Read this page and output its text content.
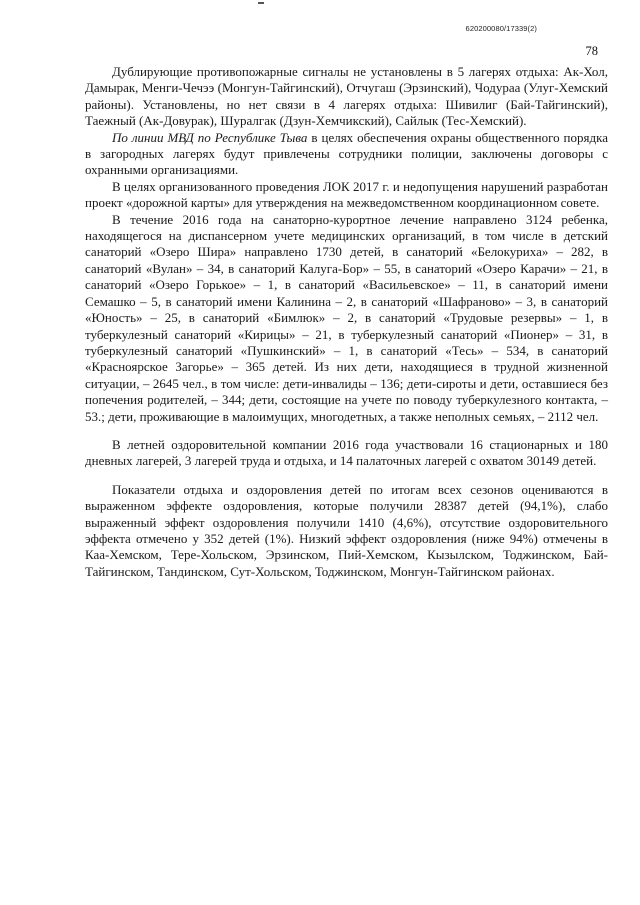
620200080/17339(2)
78

Дублирующие противопожарные сигналы не установлены в 5 лагерях отдыха: Ак-Хол, Дамырак, Менги-Чечээ (Монгун-Тайгинский), Отчугаш (Эрзинский), Чодураа (Улуг-Хемский районы). Установлены, но нет связи в 4 лагерях отдыха: Шивилиг (Бай-Тайгинский), Таежный (Ак-Довурак), Шуралгак (Дзун-Хемчикский), Сайлык (Тес-Хемский).

По линии МВД по Республике Тыва в целях обеспечения охраны общественного порядка в загородных лагерях будут привлечены сотрудники полиции, заключены договоры с охранными организациями.

В целях организованного проведения ЛОК 2017 г. и недопущения нарушений разработан проект «дорожной карты» для утверждения на межведомственном координационном совете.

В течение 2016 года на санаторно-курортное лечение направлено 3124 ребенка, находящегося на диспансерном учете медицинских организаций, в том числе в детский санаторий «Озеро Шира» направлено 1730 детей, в санаторий «Белокуриха» – 282, в санаторий «Вулан» – 34, в санаторий Калуга-Бор» – 55, в санаторий «Озеро Карачи» – 21, в санаторий «Озеро Горькое» – 1, в санаторий «Васильевское» – 11, в санаторий имени Семашко – 5, в санаторий имени Калинина – 2, в санаторий «Шафраново» – 3, в санаторий «Юность» – 25, в санаторий «Бимлюк» – 2, в санаторий «Трудовые резервы» – 1, в туберкулезный санаторий «Кирицы» – 21, в туберкулезный санаторий «Пионер» – 31, в туберкулезный санаторий «Пушкинский» – 1, в санаторий «Тесь» – 534, в санаторий «Красноярское Загорье» – 365 детей. Из них дети, находящиеся в трудной жизненной ситуации, – 2645 чел., в том числе: дети-инвалиды – 136; дети-сироты и дети, оставшиеся без попечения родителей, – 344; дети, состоящие на учете по поводу туберкулезного контакта, – 53.; дети, проживающие в малоимущих, многодетных, а также неполных семьях, – 2112 чел.

В летней оздоровительной компании 2016 года участвовали 16 стационарных и 180 дневных лагерей, 3 лагерей труда и отдыха, и 14 палаточных лагерей с охватом 30149 детей.

Показатели отдыха и оздоровления детей по итогам всех сезонов оцениваются в выраженном эффекте оздоровления, которые получили 28387 детей (94,1%), слабо выраженный эффект оздоровления получили 1410 (4,6%), отсутствие оздоровительного эффекта отмечено у 352 детей (1%). Низкий эффект оздоровления (ниже 94%) отмечены в Каа-Хемском, Тере-Хольском, Эрзинском, Пий-Хемском, Кызылском, Тоджинском, Бай-Тайгинском, Тандинском, Сут-Хольском, Тоджинском, Монгун-Тайгинском районах.
